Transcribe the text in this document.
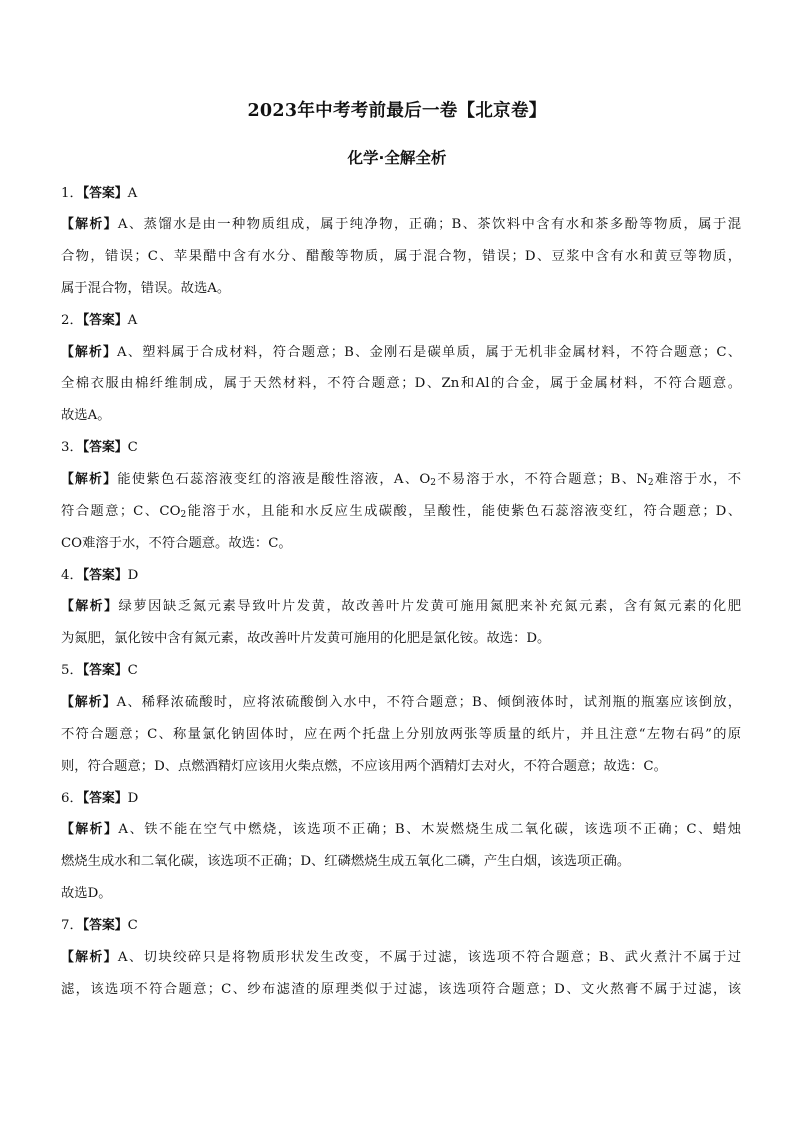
2023年中考考前最后一卷【北京卷】
化学·全解全析
1．【答案】A
【解析】A、蒸馏水是由一种物质组成，属于纯净物，正确；B、茶饮料中含有水和茶多酚等物质，属于混
合物，错误；C、苹果醋中含有水分、醋酸等物质，属于混合物，错误；D、豆浆中含有水和黄豆等物质，
属于混合物，错误。故选A。
2．【答案】A
【解析】A、塑料属于合成材料，符合题意；B、金刚石是碳单质，属于无机非金属材料，不符合题意；C、
全棉衣服由棉纤维制成，属于天然材料，不符合题意；D、Zn和Al的合金，属于金属材料，不符合题意。
故选A。
3．【答案】C
【解析】能使紫色石蕊溶液变红的溶液是酸性溶液，A、$O_2$不易溶于水，不符合题意；B、$N_2$难溶于水，不
符合题意；C、$CO_2$能溶于水，且能和水反应生成碳酸，呈酸性，能使紫色石蕊溶液变红，符合题意；D、
CO难溶于水，不符合题意。故选：C。
4．【答案】D
【解析】绿萝因缺乏氮元素导致叶片发黄，故改善叶片发黄可施用氮肥来补充氮元素，含有氮元素的化肥
为氮肥，氯化铵中含有氮元素，故改善叶片发黄可施用的化肥是氯化铵。故选：D。
5．【答案】C
【解析】A、稀释浓硫酸时，应将浓硫酸倒入水中，不符合题意；B、倾倒液体时，试剂瓶的瓶塞应该倒放，
不符合题意；C、称量氯化钠固体时，应在两个托盘上分别放两张等质量的纸片，并且注意“左物右码”的原
则，符合题意；D、点燃酒精灯应该用火柴点燃，不应该用两个酒精灯去对火，不符合题意；故选：C。
6．【答案】D
【解析】A、铁不能在空气中燃烧，该选项不正确；B、木炭燃烧生成二氧化碳，该选项不正确；C、蜡烛
燃烧生成水和二氧化碳，该选项不正确；D、红磷燃烧生成五氧化二磷，产生白烟，该选项正确。
故选D。
7．【答案】C
【解析】A、切块绞碎只是将物质形状发生改变，不属于过滤，该选项不符合题意；B、武火煮汁不属于过
滤，该选项不符合题意；C、纱布滤渣的原理类似于过滤，该选项符合题意；D、文火熬膏不属于过滤，该
